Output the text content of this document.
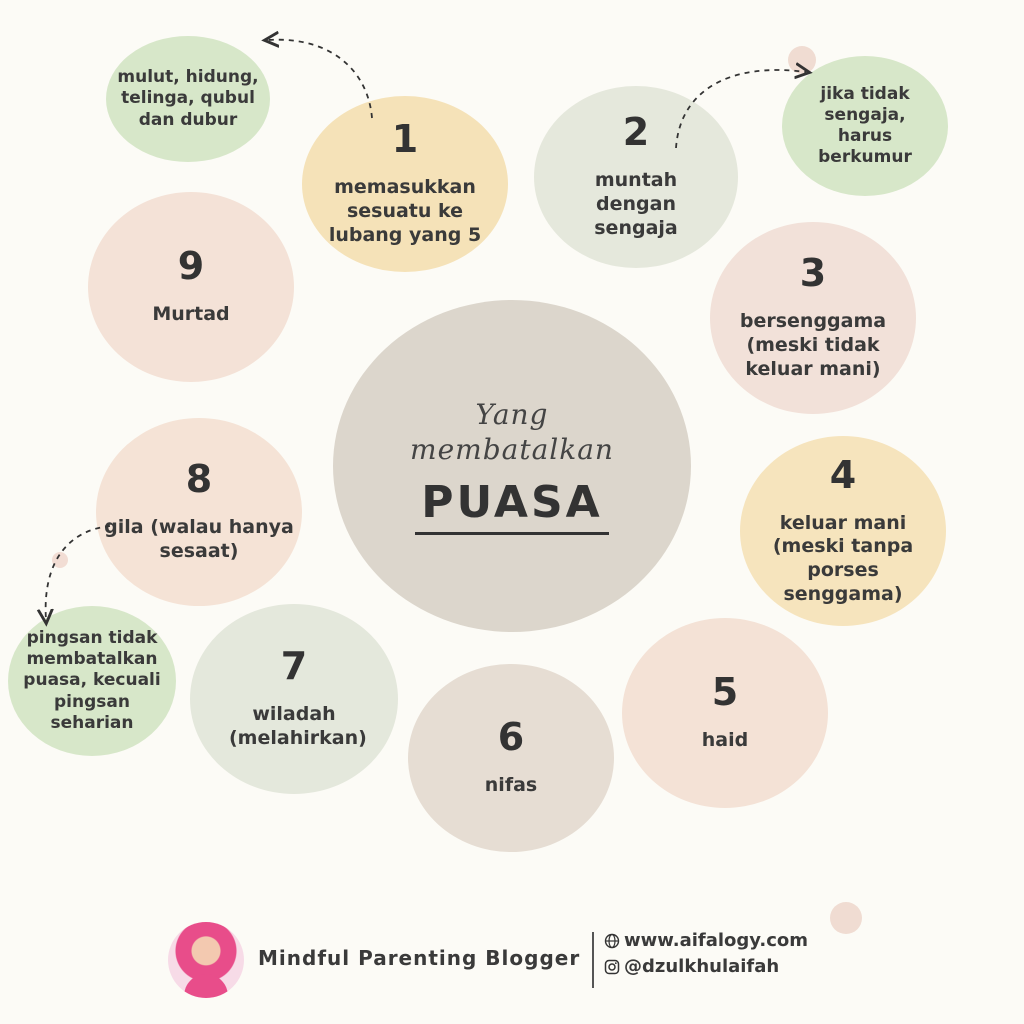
Yang
membatalkan
PUASA
1
memasukkan sesuatu ke lubang yang 5
2
muntah dengan sengaja
3
bersenggama (meski tidak keluar mani)
4
keluar mani (meski tanpa porses senggama)
5
haid
6
nifas
7
wiladah (melahirkan)
8
gila (walau hanya sesaat)
9
Murtad
mulut, hidung, telinga, qubul dan dubur
jika tidak sengaja, harus berkumur
pingsan tidak membatalkan puasa, kecuali pingsan seharian
Mindful Parenting Blogger
www.aifalogy.com
@dzulkhulaifah
